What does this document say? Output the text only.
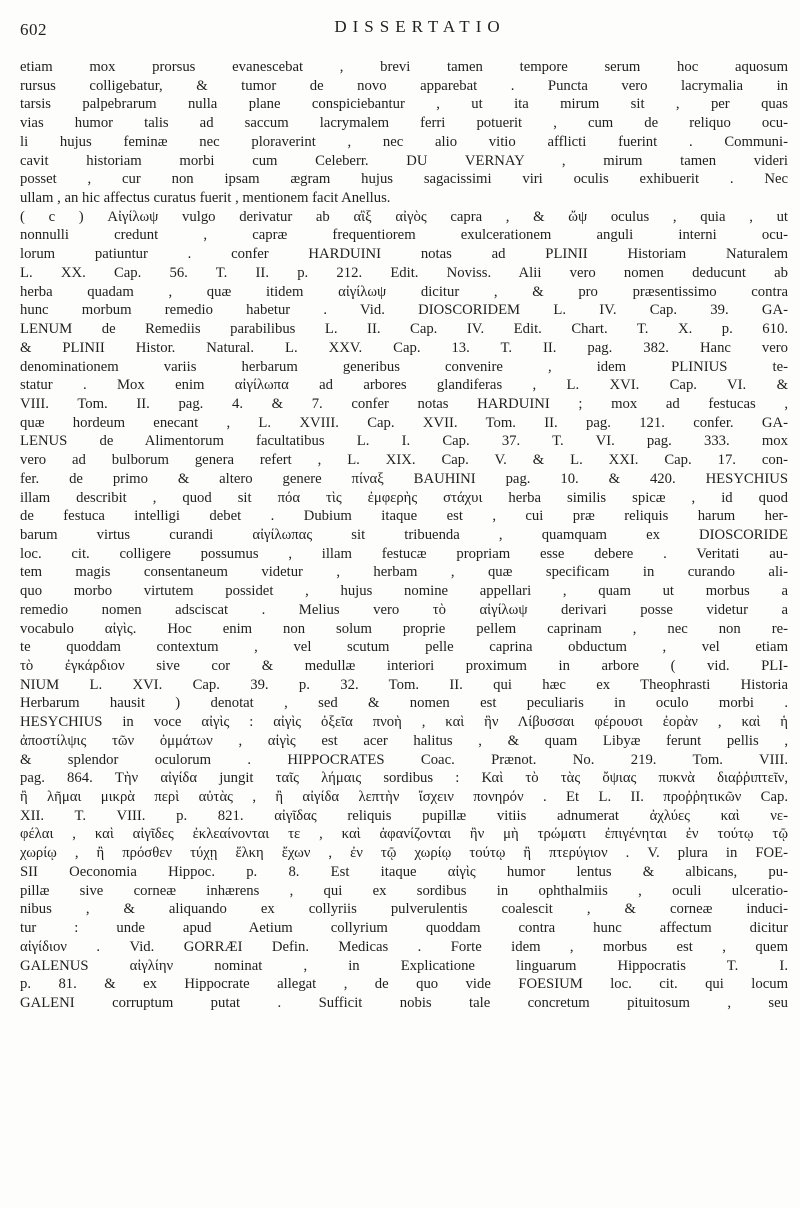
602	DISSERTATIO
etiam mox prorsus evanescebat , brevi tamen tempore serum hoc aquosum
rursus colligebatur, & tumor de novo apparebat . Puncta vero lacrymalia in
tarsis palpebrarum nulla plane conspiciebantur , ut ita mirum sit , per quas
vias humor talis ad saccum lacrymalem ferri potuerit , cum de reliquo ocu-
li hujus feminæ nec ploraverint , nec alio vitio afflicti fuerint . Communi-
cavit historiam morbi cum Celeberr. DU VERNAY , mirum tamen videri
posset , cur non ipsam ægram hujus sagacissimi viri oculis exhibuerit . Nec
ullam , an hic affectus curatus fuerit , mentionem facit Anellus.
( c ) Αἰγίλωψ vulgo derivatur ab αἲξ αἰγὸς capra , & ὤψ oculus , quia , ut
nonnulli credunt , capræ frequentiorem exulcerationem anguli interni ocu-
lorum patiuntur . confer HARDUINI notas ad PLINII Historiam Naturalem
L. XX. Cap. 56. T. II. p. 212. Edit. Noviss. Alii vero nomen deducunt ab
herba quadam , quæ itidem αἰγίλωψ dicitur , & pro præsentissimo contra
hunc morbum remedio habetur . Vid. DIOSCORIDEM L. IV. Cap. 39. GA-
LENUM de Remediis parabilibus L. II. Cap. IV. Edit. Chart. T. X. p. 610.
& PLINII Histor. Natural. L. XXV. Cap. 13. T. II. pag. 382. Hanc vero
denominationem variis herbarum generibus convenire , idem PLINIUS te-
statur . Mox enim αἰγίλωπα ad arbores glandiferas , L. XVI. Cap. VI. &
VIII. Tom. II. pag. 4. & 7. confer notas HARDUINI ; mox ad festucas ,
quæ hordeum enecant , L. XVIII. Cap. XVII. Tom. II. pag. 121. confer. GA-
LENUS de Alimentorum facultatibus L. I. Cap. 37. T. VI. pag. 333. mox
vero ad bulborum genera refert , L. XIX. Cap. V. & L. XXI. Cap. 17. con-
fer. de primo & altero genere πίναξ BAUHINI pag. 10. & 420. HESYCHIUS
illam describit , quod sit πόα τὶς ἐμφερὴς στάχυι herba similis spicæ , id quod
de festuca intelligi debet . Dubium itaque est , cui præ reliquis harum her-
barum virtus curandi αἰγίλωπας sit tribuenda , quamquam ex DIOSCORIDE
loc. cit. colligere possumus , illam festucæ propriam esse debere . Veritati au-
tem magis consentaneum videtur , herbam , quæ specificam in curando ali-
quo morbo virtutem possidet , hujus nomine appellari , quam ut morbus a
remedio nomen adsciscat . Melius vero τὸ αἰγίλωψ derivari posse videtur a
vocabulo αἰγὶς. Hoc enim non solum proprie pellem caprinam , nec non re-
te quoddam contextum , vel scutum pelle caprina obductum , vel etiam
τὸ ἐγκάρδιον sive cor & medullæ interiori proximum in arbore ( vid. PLI-
NIUM L. XVI. Cap. 39. p. 32. Tom. II. qui hæc ex Theophrasti Historia
Herbarum hausit ) denotat , sed & nomen est peculiaris in oculo morbi .
HESYCHIUS in voce αἰγὶς : αἰγὶς ὀξεῖα πνοὴ , καὶ ἣν Λίβυσσαι φέρουσι ἐορὰν , καὶ ἡ
ἀποστίλψις τῶν ὀμμάτων , αἰγὶς est acer halitus , & quam Libyæ ferunt pellis ,
& splendor oculorum . HIPPOCRATES Coac. Prænot. No. 219. Tom. VIII.
pag. 864. Τὴν αἰγίδα jungit ταῖς λήμαις sordibus : Καὶ τὸ τὰς ὄψιας πυκνὰ διαῤῥιπτεῖν,
ἢ λῆμαι μικρὰ περὶ αὐτὰς , ἢ αἰγίδα λεπτὴν ἴσχειν πονηρόν . Et L. II. προῤῥητικῶν Cap.
XII. T. VIII. p. 821. αἰγῖδας reliquis pupillæ vitiis adnumerat ἀχλύες καὶ νε-
φέλαι , καὶ αἰγῖδες ἐκλεαίνονται τε , καὶ ἀφανίζονται ἢν μὴ τρώματι ἐπιγένηται ἐν τούτῳ τῷ
χωρίῳ , ἢ πρόσθεν τύχῃ ἕλκη ἔχων , ἐν τῷ χωρίῳ τούτῳ ἢ πτερύγιον . V. plura in FOE-
SII Oeconomia Hippoc. p. 8. Est itaque αἰγὶς humor lentus & albicans, pu-
pillæ sive corneæ inhærens , qui ex sordibus in ophthalmiis , oculi ulceratio-
nibus , & aliquando ex collyriis pulverulentis coalescit , & corneæ induci-
tur : unde apud Aetium collyrium quoddam contra hunc affectum dicitur
αἰγίδιον . Vid. GORRÆI Defin. Medicas . Forte idem , morbus est , quem
GALENUS αἰγλίην nominat , in Explicatione linguarum Hippocratis T. I.
p. 81. & ex Hippocrate allegat , de quo vide FOESIUM loc. cit. qui locum
GALENI corruptum putat . Sufficit nobis tale concretum pituitosum , seu
